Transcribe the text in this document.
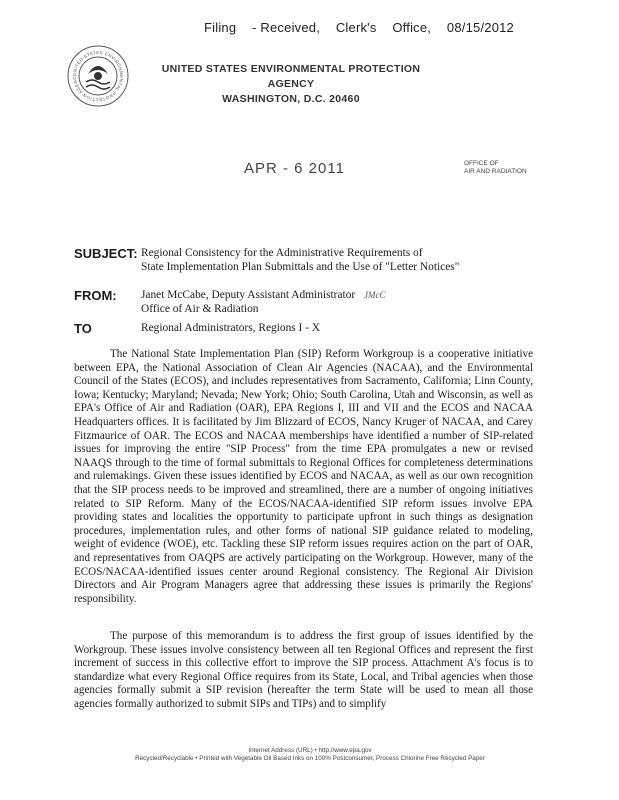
Filing - Received, Clerk's Office, 08/15/2012
UNITED STATES ENVIRONMENTAL PROTECTION AGENC
UNITED STATES ENVIRONMENTAL PROTECTION AGENCY
WASHINGTON, D.C. 20460
APR - 6 2011	OFFICE OF
AIR AND RADIATION
SUBJECT: Regional Consistency for the Administrative Requirements of
State Implementation Plan Submittals and the Use of "Letter Notices"
FROM: Janet McCabe, Deputy Assistant Administrator JMcC
Office of Air & Radiation
TO	Regional Administrators, Regions I - X
The National State Implementation Plan (SIP) Reform Workgroup is a cooperative initiative between EPA, the National Association of Clean Air Agencies (NACAA), and the Environmental Council of the States (ECOS), and includes representatives from Sacramento, California; Linn County, Iowa; Kentucky; Maryland; Nevada; New York; Ohio; South Carolina, Utah and Wisconsin, as well as EPA's Office of Air and Radiation (OAR), EPA Regions I, III and VII and the ECOS and NACAA Headquarters offices. It is facilitated by Jim Blizzard of ECOS, Nancy Kruger of NACAA, and Carey Fitzmaurice of OAR. The ECOS and NACAA memberships have identified a number of SIP-related issues for improving the entire "SIP Process" from the time EPA promulgates a new or revised NAAQS through to the time of formal submittals to Regional Offices for completeness determinations and rulemakings. Given these issues identified by ECOS and NACAA, as well as our own recognition that the SIP process needs to be improved and streamlined, there are a number of ongoing initiatives related to SIP Reform. Many of the ECOS/NACAA-identified SIP reform issues involve EPA providing states and localities the opportunity to participate upfront in such things as designation procedures, implementation rules, and other forms of national SIP guidance related to modeling, weight of evidence (WOE), etc. Tackling these SIP reform issues requires action on the part of OAR, and representatives from OAQPS are actively participating on the Workgroup. However, many of the ECOS/NACAA-identified issues center around Regional consistency. The Regional Air Division Directors and Air Program Managers agree that addressing these issues is primarily the Regions' responsibility.
The purpose of this memorandum is to address the first group of issues identified by the Workgroup. These issues involve consistency between all ten Regional Offices and represent the first increment of success in this collective effort to improve the SIP process. Attachment A's focus is to standardize what every Regional Office requires from its State, Local, and Tribal agencies when those agencies formally submit a SIP revision (hereafter the term State will be used to mean all those agencies formally authorized to submit SIPs and TIPs) and to simplify
Internet Address (URL) • http://www.epa.gov
Recycled/Recyclable • Printed with Vegetable Oil Based Inks on 100% Postconsumer, Process Chlorine Free Recycled Paper
